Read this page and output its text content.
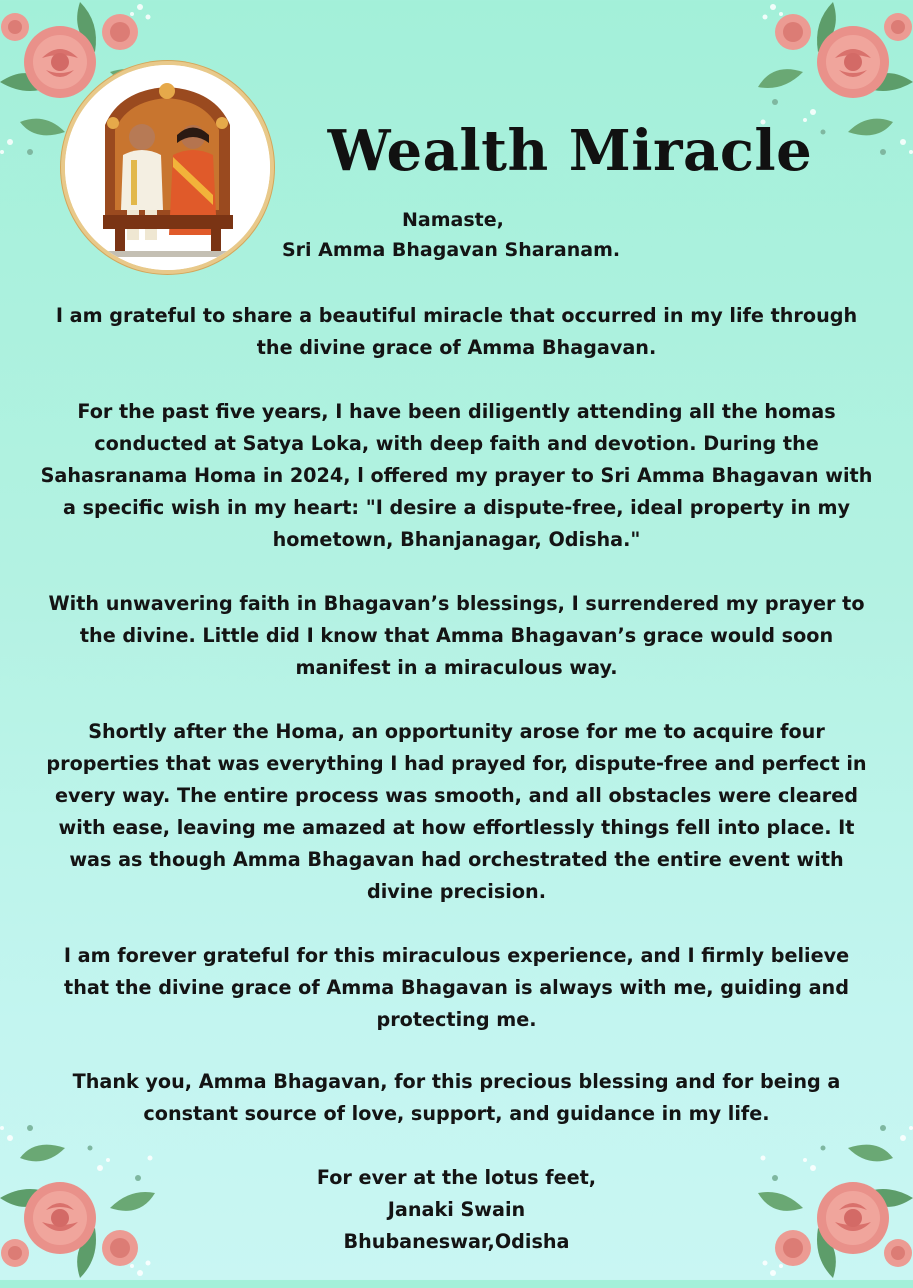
Wealth Miracle
Namaste,
Sri Amma Bhagavan Sharanam.

I am grateful to share a beautiful miracle that occurred in my life through the divine grace of Amma Bhagavan.

For the past five years, I have been diligently attending all the homas conducted at Satya Loka, with deep faith and devotion. During the Sahasranama Homa in 2024, l offered my prayer to Sri Amma Bhagavan with a specific wish in my heart: "I desire a dispute-free, ideal property in my hometown, Bhanjanagar, Odisha."

With unwavering faith in Bhagavan’s blessings, I surrendered my prayer to the divine. Little did I know that Amma Bhagavan’s grace would soon manifest in a miraculous way.

Shortly after the Homa, an opportunity arose for me to acquire four properties that was everything I had prayed for, dispute-free and perfect in every way. The entire process was smooth, and all obstacles were cleared with ease, leaving me amazed at how effortlessly things fell into place. It was as though Amma Bhagavan had orchestrated the entire event with divine precision.

I am forever grateful for this miraculous experience, and I firmly believe that the divine grace of Amma Bhagavan is always with me, guiding and protecting me.

Thank you, Amma Bhagavan, for this precious blessing and for being a constant source of love, support, and guidance in my life.

For ever at the lotus feet,
Janaki Swain
Bhubaneswar,Odisha
